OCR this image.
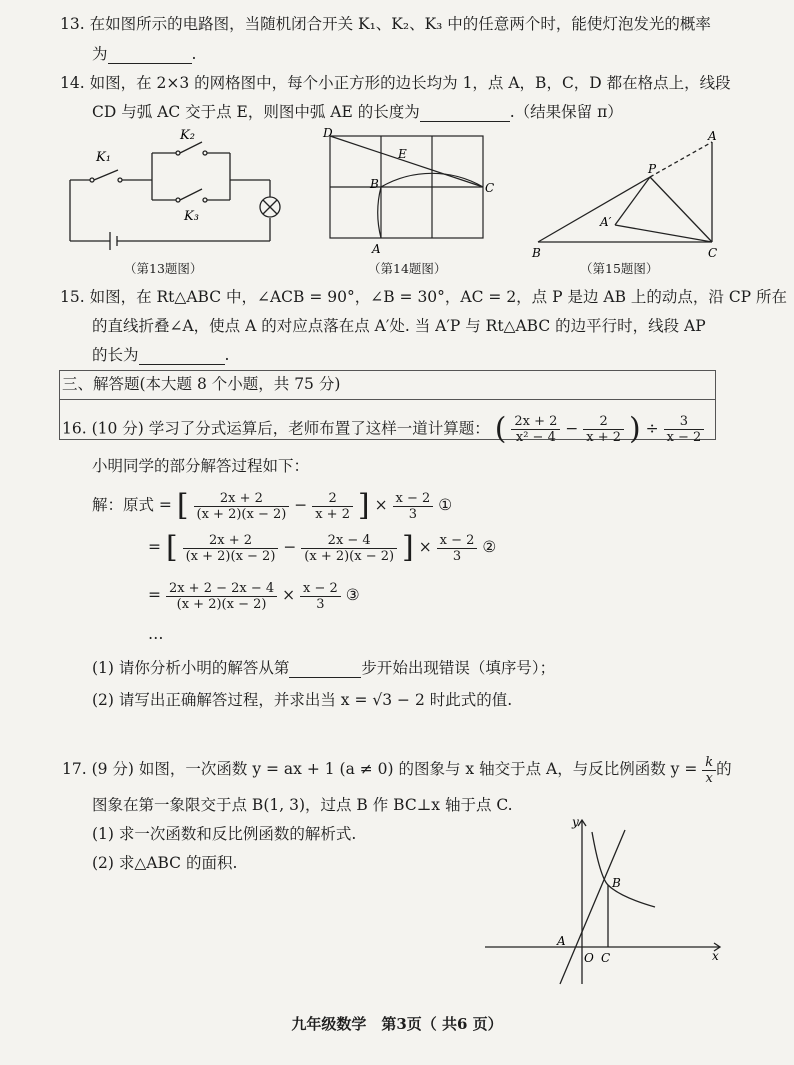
13. 在如图所示的电路图，当随机闭合开关 K₁、K₂、K₃ 中的任意两个时，能使灯泡发光的概率
为	.
14. 如图，在 2×3 的网格图中，每个小正方形的边长均为 1，点 A，B，C，D 都在格点上，线段
CD 与弧 AC 交于点 E，则图中弧 AE 的长度为	.（结果保留 π）
K₁
K₂
K₃
（第13题图）
D
E
B	C
A
（第14题图）
A
P
A′
B	C
（第15题图）
15. 如图，在 Rt△ABC 中，∠ACB = 90°，∠B = 30°，AC = 2，点 P 是边 AB 上的动点，沿 CP 所在
的直线折叠∠A，使点 A 的对应点落在点 A′处. 当 A′P 与 Rt△ABC 的边平行时，线段 AP
的长为	.
三、解答题(本大题 8 个小题，共 75 分)
16. (10 分) 学习了分式运算后，老师布置了这样一道计算题： ( $\frac{2x + 2}{\text{x² − 4}} - \frac{2}{x + 2}$ ) ÷ $\frac{3}{x - 2}$
小明同学的部分解答过程如下：
解：原式 = [ $\frac{2x + 2}{(x + 2)(x - 2)} - \frac{2}{x + 2}$ ] × $\frac{x - 2}{3}$ ①
= [ $\frac{2x + 2}{(x + 2)(x - 2)} - \frac{2x - 4}{(x + 2)(x - 2)}$ ] × $\frac{x - 2}{3}$ ②
= $\frac{2x + 2 - 2x - 4}{(x + 2)(x - 2)} \times \frac{x - 2}{3}$ ③
…
(1) 请你分析小明的解答从第	步开始出现错误（填序号）；
(2) 请写出正确解答过程，并求出当 x = √3 − 2 时此式的值.
17. (9 分) 如图，一次函数 y = ax + 1 (a ≠ 0) 的图象与 x 轴交于点 A，与反比例函数 $y = \frac{k}{x}$ 的
图象在第一象限交于点 B(1, 3)，过点 B 作 BC⊥x 轴于点 C.
(1) 求一次函数和反比例函数的解析式.
(2) 求△ABC 的面积.
y
x
B
A
O C
九年级数学　第3页（ 共6 页）
